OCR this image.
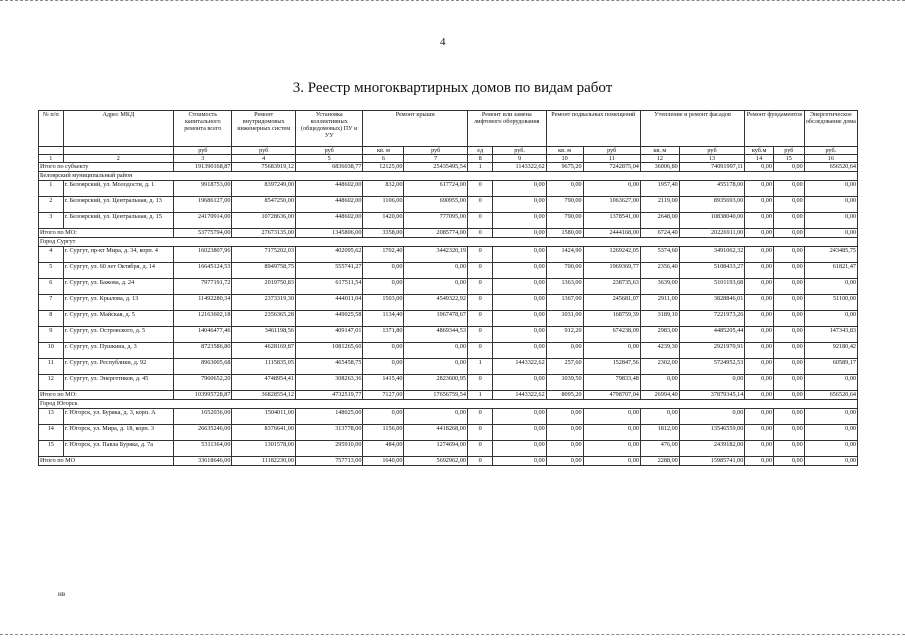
4
3. Реестр многоквартирных домов по видам работ
№ п/п	Адрес МКД	Стоимость капитального ремонта всего	Ремонт внутридомовых инженерных систем	Установка коллективных (общедомовых) ПУ и УУ	Ремонт крыши		Ремонт или замена лифтового оборудования		Ремонт подвальных помещений		Утепление и ремонт фасадов		Ремонт фундаментов		Энергетическое обследование дома
		руб	руб	руб	кв. м	руб	ед	руб.	кв. м	руб	кв. м	руб	куб.м	руб	руб.
1	2	3	4	5	6	7	8	9	10	11	12	13	14	15	16
Итого по субъекту		191390168,87	75683919,12	6836038,77	12125,00	25435495,54	1	1143322,62	9675,20	7242875,04	36006,80	74091997,11	0,00	0,00	656520,64
Белоярский муниципальный район															
1	г. Белоярский, ул. Молодости, д. 1	9918753,00	8397249,00	448602,00	832,00	617724,00	0	0,00	0,00	0,00	1957,40	455178,00	0,00	0,00	0,00
2	г. Белоярский, ул. Центральная, д. 13	19686127,00	8547250,00	448602,00	1106,00	690955,00	0	0,00	790,00	1063627,00	2119,00	8935693,00	0,00	0,00	0,00
3	г. Белоярский, ул. Центральная, д. 15	24170914,00	10728636,00	448602,00	1420,00	777095,00	0	0,00	790,00	1378541,00	2648,00	10838040,00	0,00	0,00	0,00
Итого по МО:		53775794,00	27673135,00	1345806,00	3358,00	2085774,00	0	0,00	1580,00	2444168,00	6724,40	20226911,00	0,00	0,00	0,00
Город Сургут															
4	г. Сургут, пр-кт Мира, д. 34, корп. 4	16023807,96	7175202,03	402095,62	1702,40	3442320,19	0	0,00	1424,90	1269242,05	5374,60	3491062,32	0,00	0,00	243485,75
5	г. Сургут, ул. 60 лет Октября, д. 14	16645124,53	8949758,75	555741,27	0,00	0,00	0	0,00	700,00	1969369,77	2356,40	5108433,27	0,00	0,00	61821,47
6	г. Сургут, ул. Бажова, д. 24	7977191,72	2019750,83	617511,54	0,00	0,00	0	0,00	1363,00	238735,63	3639,00	5101193,68	0,00	0,00	0,00
7	г. Сургут, ул. Крылова, д. 13	11492280,34	2373319,30	444011,04	1503,00	4549322,92	0	0,00	1367,00	245681,07	2911,00	3828846,01	0,00	0,00	51100,00
8	г. Сургут, ул. Майская, д. 5	12163602,18	2356365,28	449025,58	1134,40	1967478,67	0	0,00	1031,00	168759,39	3189,10	7221973,26	0,00	0,00	0,00
9	г. Сургут, ул. Островского, д. 5	14046477,46	3461198,56	409147,01	1371,80	4869344,53	0	0,00	912,20	674238,09	2983,00	4485205,44	0,00	0,00	147343,83
10	г. Сургут, ул. Пушкина, д. 3	8723586,80	4628169,87	1081265,60	0,00	0,00	0	0,00	0,00	0,00	4239,30	2921970,91	0,00	0,00	92180,42
11	г. Сургут, ул. Республики, д. 92	8963005,68	1115835,05	465458,75	0,00	0,00	1	1443322,62	257,60	152847,56	2302,00	5724952,53	0,00	0,00	60589,17
12	г. Сургут, ул. Энергетиков, д. 45	7960652,20	4748954,41	308263,36	1415,40	2823600,95	0	0,00	1039,50	79833,48	0,00	0,00	0,00	0,00	0,00
Итого по МО:		103995728,87	36828554,12	4732519,77	7127,00	17656759,54	1	1443322,62	8095,20	4798707,04	26994,40	37879345,14	0,00	0,00	656520,64
Город Югорск															
13	г. Югорск, ул. Буряка, д. 3, корп. А	1652036,00	1504011,00	148025,00	0,00	0,00	0	0,00	0,00	0,00	0,00	0,00	0,00	0,00	0,00
14	г. Югорск, ул. Мира, д. 18, корп. 3	26635246,00	8376641,00	313778,00	1156,00	4418268,00	0	0,00	0,00	0,00	1812,00	13546559,00	0,00	0,00	0,00
15	г. Югорск, ул. Павла Буряка, д. 7а	5311364,00	1301578,00	295910,00	484,00	1274694,00	0	0,00	0,00	0,00	476,00	2439182,00	0,00	0,00	0,00
Итого по МО		33618646,00	11182230,00	757713,00	1640,00	5692962,00	0	0,00	0,00	0,00	2288,00	15985741,00	0,00	0,00	0,00
нв
